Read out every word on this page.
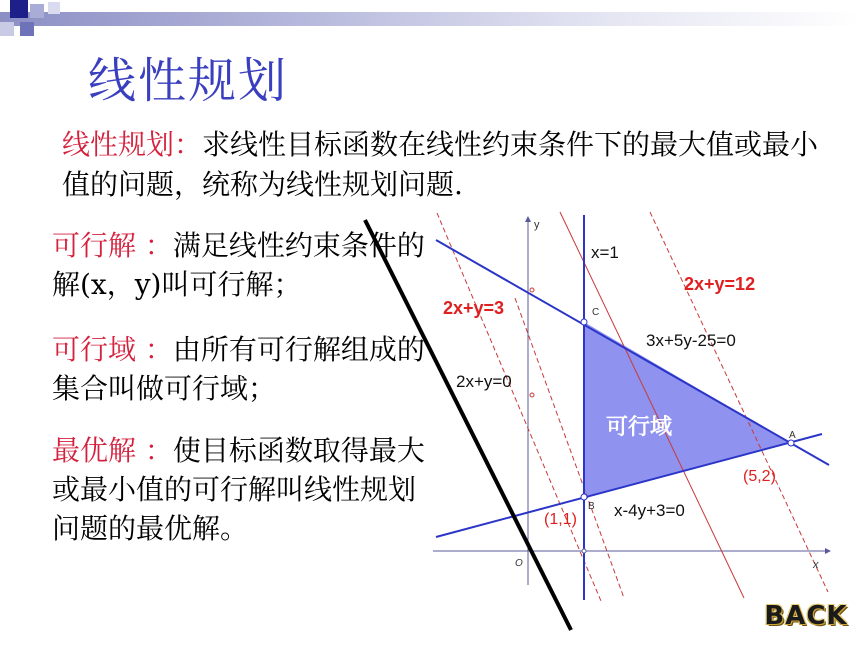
线性规划

线性规划：求线性目标函数在线性约束条件下的最大值或最小值的问题，统称为线性规划问题.

可行解 ：满足线性约束条件的解(x，y)叫可行解；

可行域 ：由所有可行解组成的集合叫做可行域；

最优解 ：使目标函数取得最大或最小值的可行解叫线性规划问题的最优解。

y
x
O
x=1
3x+5y-25=0
2x+y=0
x-4y+3=0
2x+y=3
2x+y=12
可行域
C
A
B
(5,2)
(1,1)
BACK
